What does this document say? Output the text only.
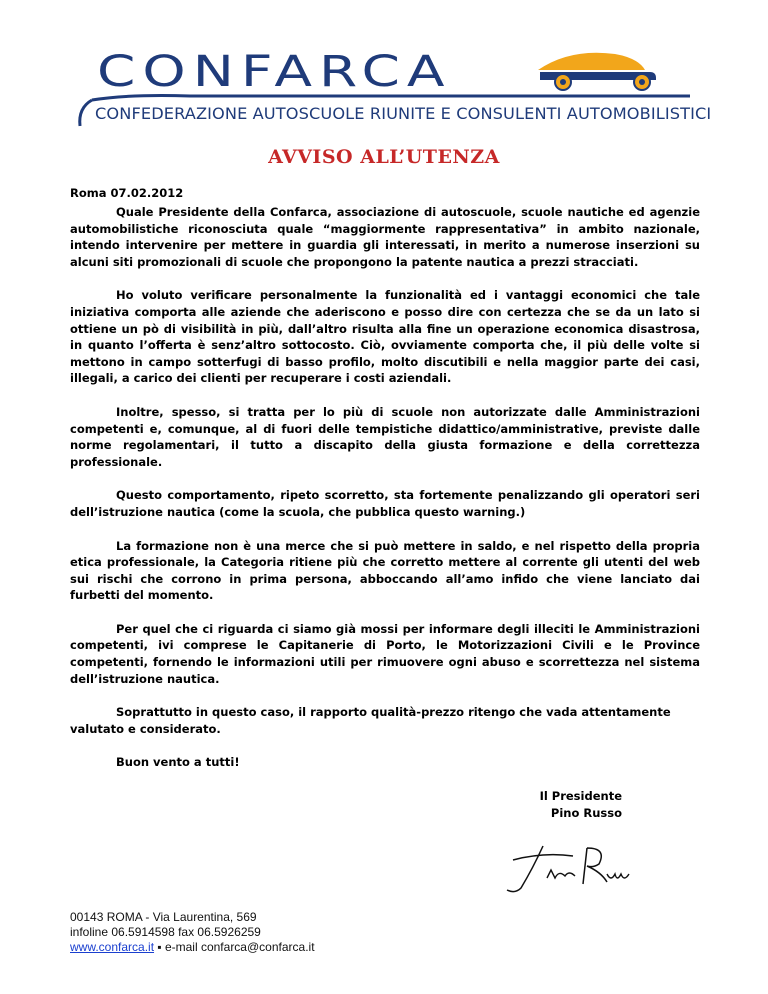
CONFARCA
CONFEDERAZIONE AUTOSCUOLE RIUNITE E CONSULENTI AUTOMOBILISTICI
AVVISO ALL’UTENZA
Roma 07.02.2012

Quale Presidente della Confarca, associazione di autoscuole, scuole nautiche ed agenzie automobilistiche riconosciuta quale “maggiormente rappresentativa” in ambito nazionale, intendo intervenire per mettere in guardia gli interessati, in merito a numerose inserzioni su alcuni siti promozionali di scuole che propongono la patente nautica a prezzi stracciati.

Ho voluto verificare personalmente la funzionalità ed i vantaggi economici che tale iniziativa comporta alle aziende che aderiscono e posso dire con certezza che se da un lato si ottiene un pò di visibilità in più, dall’altro risulta alla fine un operazione economica disastrosa, in quanto l’offerta è senz’altro sottocosto. Ciò, ovviamente comporta che, il più delle volte si mettono in campo sotterfugi di basso profilo, molto discutibili e nella maggior parte dei casi, illegali, a carico dei clienti per recuperare i costi aziendali.

Inoltre, spesso, si tratta per lo più di scuole non autorizzate dalle Amministrazioni competenti e, comunque, al di fuori delle tempistiche didattico/amministrative, previste dalle norme regolamentari, il tutto a discapito della giusta formazione e della correttezza professionale.

Questo comportamento, ripeto scorretto, sta fortemente penalizzando gli operatori seri dell’istruzione nautica (come la scuola, che pubblica questo warning.)

La formazione non è una merce che si può mettere in saldo, e nel rispetto della propria etica professionale, la Categoria ritiene più che corretto mettere al corrente gli utenti del web sui rischi che corrono in prima persona, abboccando all’amo infido che viene lanciato dai furbetti del momento.

Per quel che ci riguarda ci siamo già mossi per informare degli illeciti le Amministrazioni competenti, ivi comprese le Capitanerie di Porto, le Motorizzazioni Civili e le Province competenti, fornendo le informazioni utili per rimuovere ogni abuso e scorrettezza nel sistema dell’istruzione nautica.

Soprattutto in questo caso, il rapporto qualità-prezzo ritengo che vada attentamente valutato e considerato.

Buon vento a tutti!

Il Presidente
Pino Russo
00143 ROMA - Via Laurentina, 569
infoline 06.5914598 fax 06.5926259
www.confarca.it ▪ e-mail confarca@confarca.it
